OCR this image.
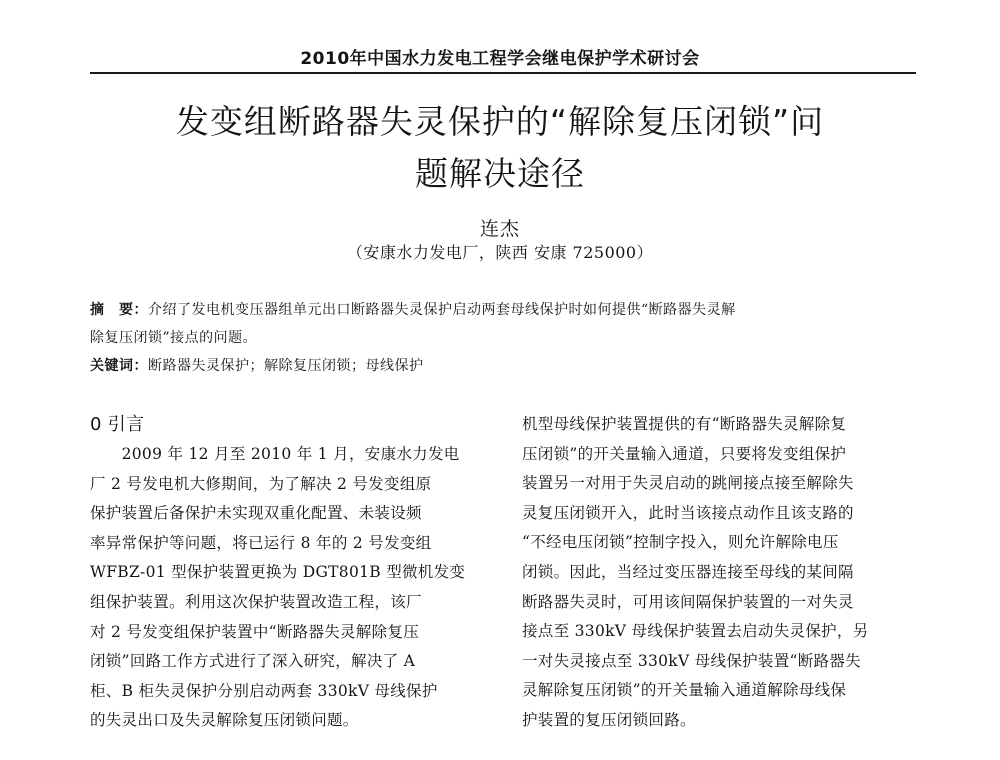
2010年中国水力发电工程学会继电保护学术研讨会
发变组断路器失灵保护的“解除复压闭锁”问
题解决途径
连杰
（安康水力发电厂，陕西 安康 725000）
摘　要：介绍了发电机变压器组单元出口断路器失灵保护启动两套母线保护时如何提供“断路器失灵解
除复压闭锁”接点的问题。
关键词：断路器失灵保护；解除复压闭锁；母线保护
0 引言
　　2009 年 12 月至 2010 年 1 月，安康水力发电
厂 2 号发电机大修期间，为了解决 2 号发变组原
保护装置后备保护未实现双重化配置、未装设频
率异常保护等问题，将已运行 8 年的 2 号发变组
WFBZ-01 型保护装置更换为 DGT801B 型微机发变
组保护装置。利用这次保护装置改造工程，该厂
对 2 号发变组保护装置中“断路器失灵解除复压
闭锁”回路工作方式进行了深入研究，解决了 A
柜、B 柜失灵保护分别启动两套 330kV 母线保护
的失灵出口及失灵解除复压闭锁问题。
机型母线保护装置提供的有“断路器失灵解除复
压闭锁”的开关量输入通道，只要将发变组保护
装置另一对用于失灵启动的跳闸接点接至解除失
灵复压闭锁开入，此时当该接点动作且该支路的
“不经电压闭锁”控制字投入，则允许解除电压
闭锁。因此，当经过变压器连接至母线的某间隔
断路器失灵时，可用该间隔保护装置的一对失灵
接点至 330kV 母线保护装置去启动失灵保护，另
一对失灵接点至 330kV 母线保护装置“断路器失
灵解除复压闭锁”的开关量输入通道解除母线保
护装置的复压闭锁回路。
